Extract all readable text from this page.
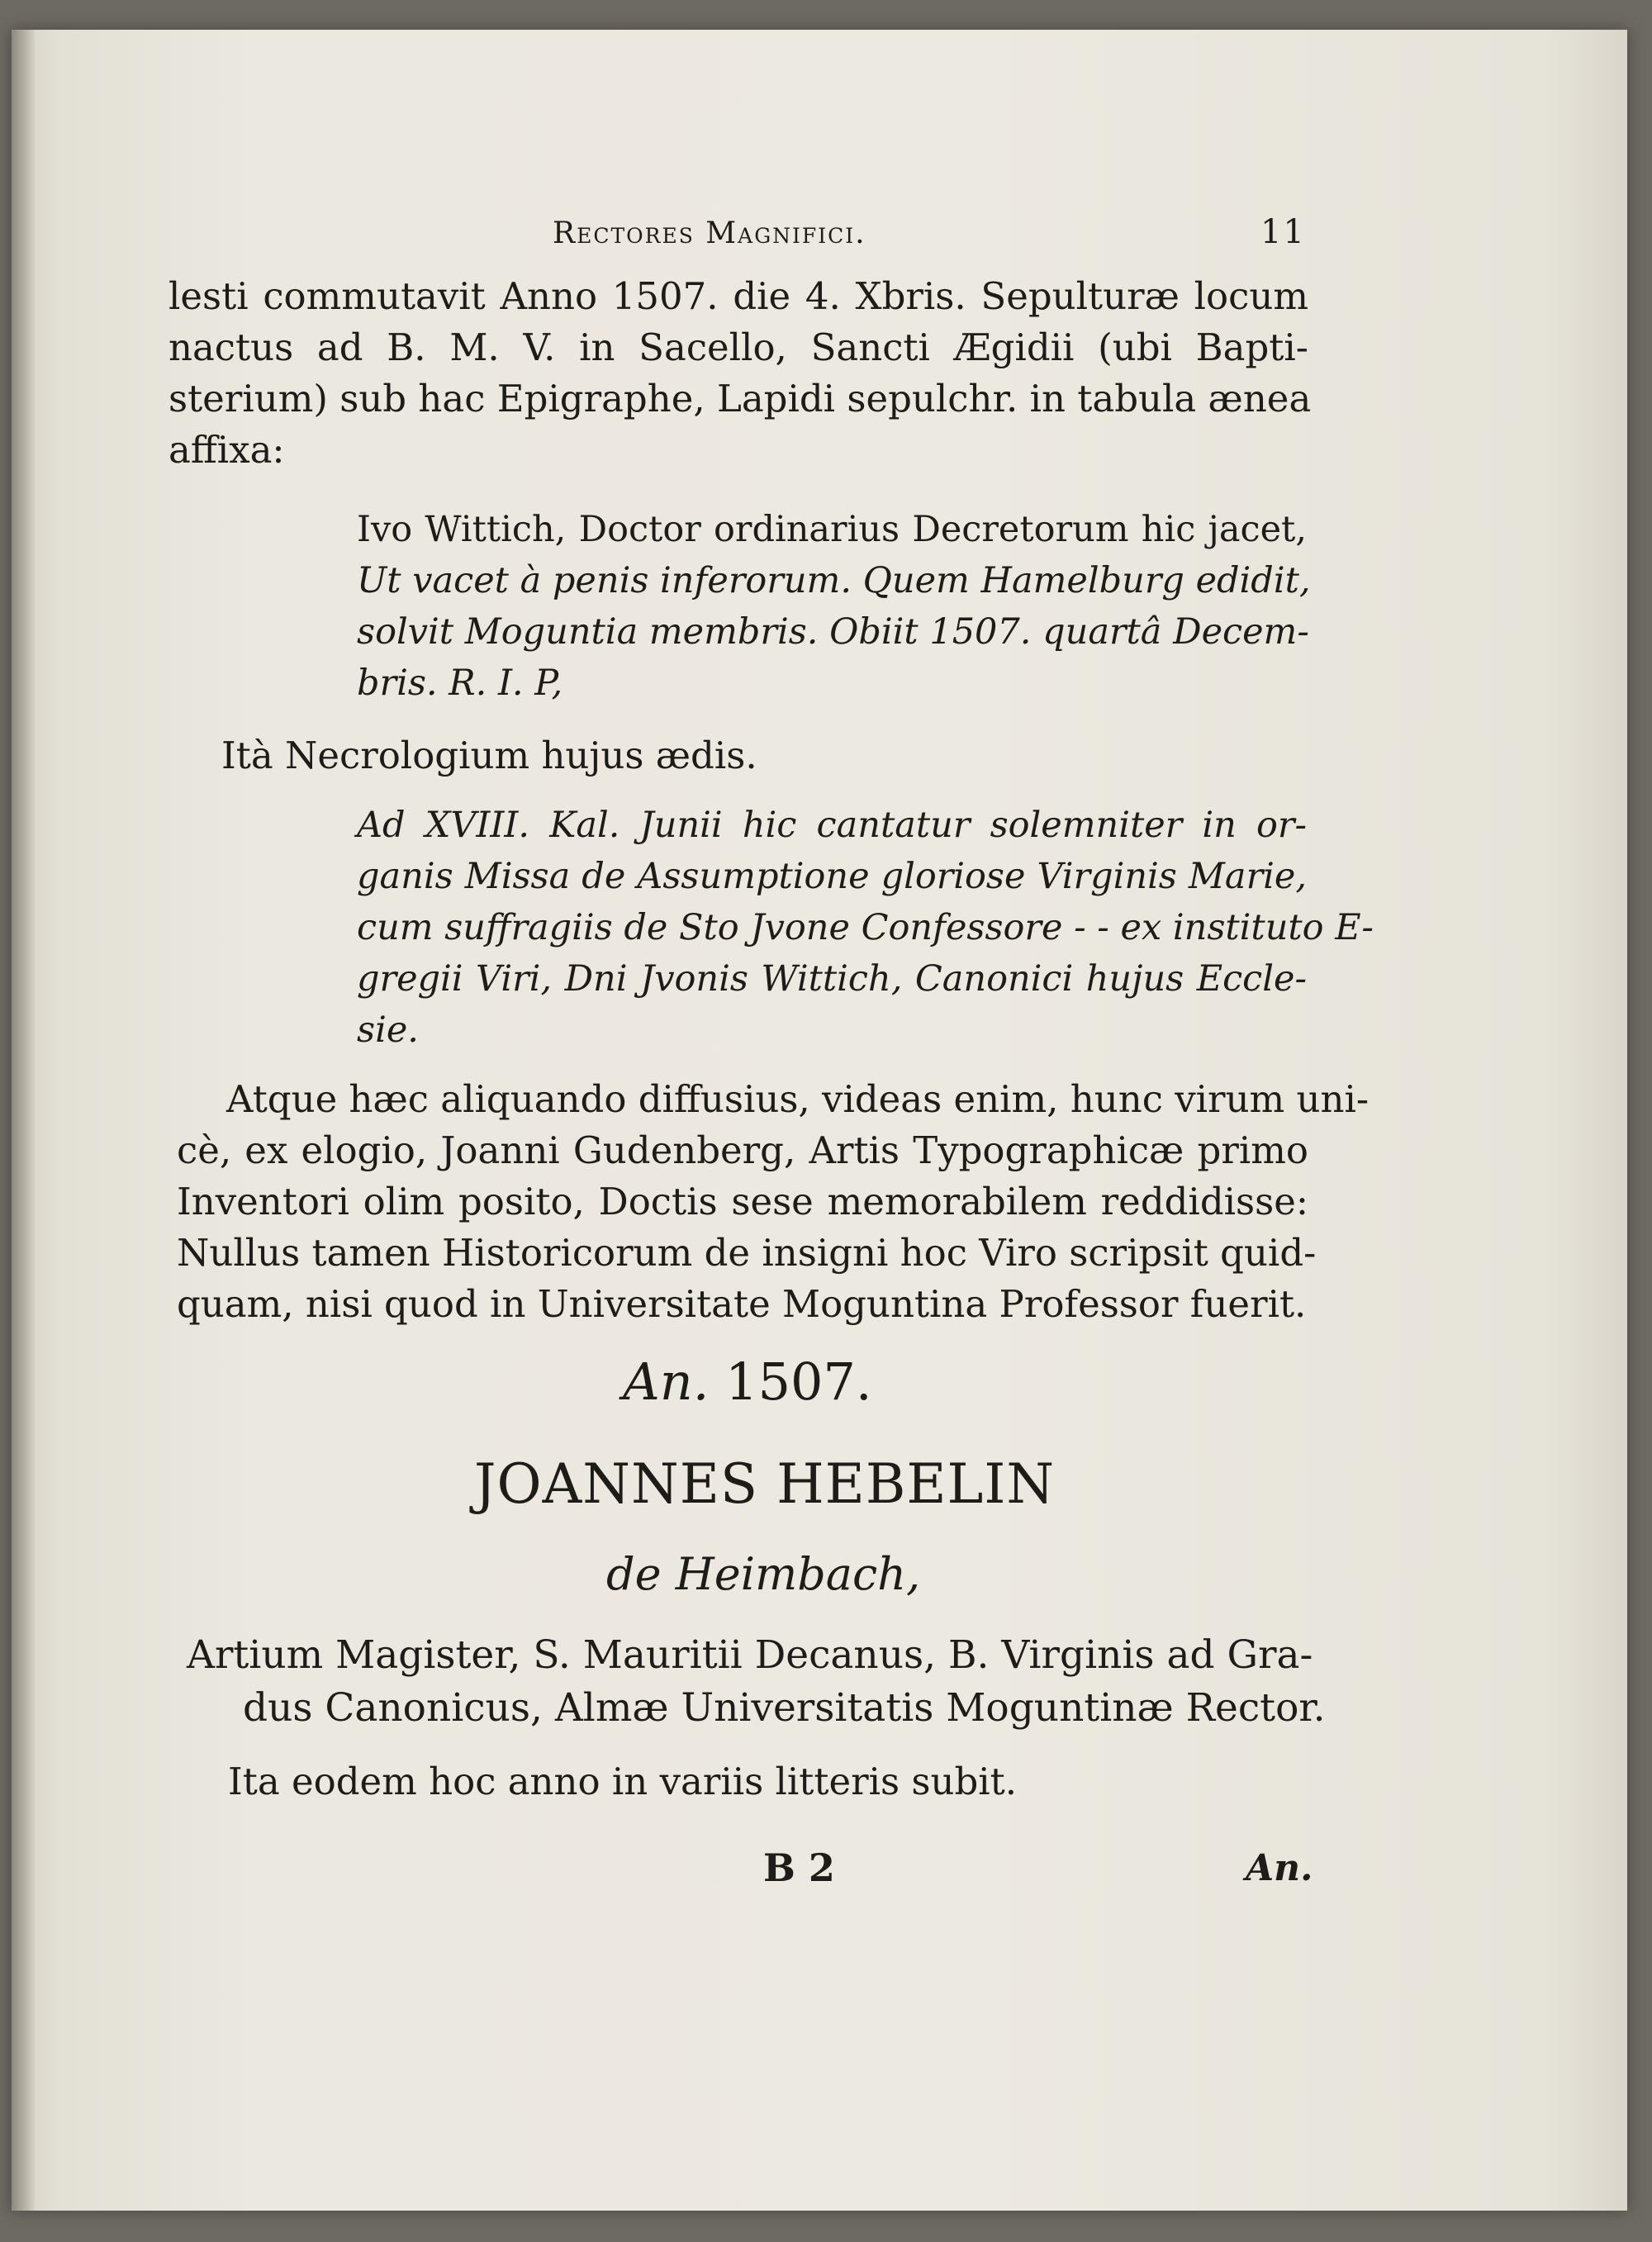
Rectores Magnifici.	11
lesti commutavit Anno 1507. die 4. Xbris. Sepulturæ locum
nactus ad B. M. V. in Sacello, Sancti Ægidii (ubi Bapti-
sterium) sub hac Epigraphe, Lapidi sepulchr. in tabula ænea
affixa:
Ivo Wittich, Doctor ordinarius Decretorum hic jacet,
Ut vacet à penis inferorum. Quem Hamelburg edidit,
solvit Moguntia membris. Obiit 1507. quartâ Decem-
bris. R. I. P,
Ità Necrologium hujus ædis.
Ad XVIII. Kal. Junii hic cantatur solemniter in or-
ganis Missa de Assumptione gloriose Virginis Marie,
cum suffragiis de Sto Jvone Confessore - - ex instituto E-
gregii Viri, Dni Jvonis Wittich, Canonici hujus Eccle-
sie.
Atque hæc aliquando diffusius, videas enim, hunc virum uni-
cè, ex elogio, Joanni Gudenberg, Artis Typographicæ primo
Inventori olim posito, Doctis sese memorabilem reddidisse:
Nullus tamen Historicorum de insigni hoc Viro scripsit quid-
quam, nisi quod in Universitate Moguntina Professor fuerit.
An. 1507.
JOANNES HEBELIN
de Heimbach,
Artium Magister, S. Mauritii Decanus, B. Virginis ad Gra-
dus Canonicus, Almæ Universitatis Moguntinæ Rector.
Ita eodem hoc anno in variis litteris subit.
B 2	An.
